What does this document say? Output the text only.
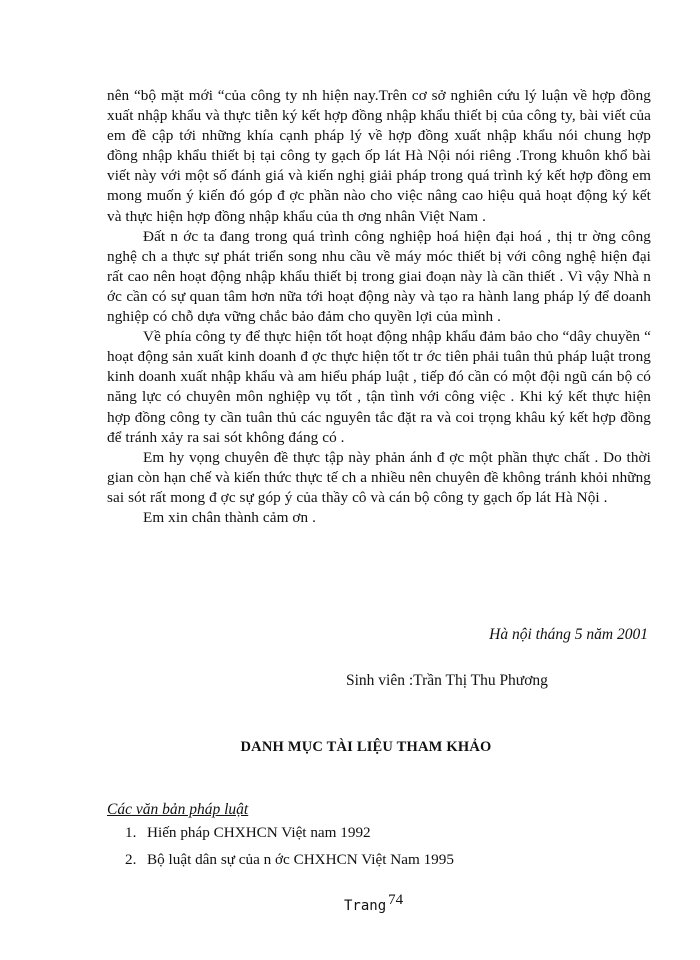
nên “bộ mặt mới “của công ty nh hiện nay.Trên cơ sở nghiên cứu lý luận về hợp đồng xuất nhập khẩu và thực tiễn ký kết hợp đồng nhập khẩu thiết bị của công ty, bài viết của em đề cập tới những khía cạnh pháp lý về hợp đồng xuất nhập khẩu nói chung hợp đồng nhập khẩu thiết bị tại công ty gạch ốp lát Hà Nội nói riêng .Trong khuôn khổ bài viết này với một số đánh giá và kiến nghị giải pháp trong quá trình ký kết hợp đồng em mong muốn ý kiến đó góp đ ợc phần nào cho việc nâng cao hiệu quả hoạt động ký kết và thực hiện hợp đồng nhập khẩu của th ơng nhân Việt Nam .

Đất n ớc ta đang trong quá trình công nghiệp hoá hiện đại hoá , thị tr ờng công nghệ ch a thực sự phát triển song nhu cầu về máy móc thiết bị với công nghệ hiện đại rất cao nên hoạt động nhập khẩu thiết bị trong giai đoạn này là cần thiết . Vì vậy Nhà n ớc cần có sự quan tâm hơn nữa tới hoạt động này và tạo ra hành lang pháp lý để doanh nghiệp có chỗ dựa vững chắc bảo đảm cho quyền lợi của mình .

Về phía công ty để thực hiện tốt hoạt động nhập khẩu đảm bảo cho “dây chuyền “ hoạt động sản xuất kinh doanh đ ợc thực hiện tốt tr ớc tiên phải tuân thủ pháp luật trong kinh doanh xuất nhập khẩu và am hiểu pháp luật , tiếp đó cần có một đội ngũ cán bộ có năng lực có chuyên môn nghiệp vụ tốt , tận tình với công việc . Khi ký kết thực hiện hợp đồng công ty cần tuân thủ các nguyên tắc đặt ra và coi trọng khâu ký kết hợp đồng để tránh xảy ra sai sót không đáng có .

Em hy vọng chuyên đề thực tập này phản ánh đ ợc một phần thực chất . Do thời gian còn hạn chế và kiến thức thực tế ch a nhiều nên chuyên đề không tránh khỏi những sai sót rất mong đ ợc sự góp ý của thầy cô và cán bộ công ty gạch ốp lát Hà Nội .

Em xin chân thành cảm ơn .

Hà nội tháng 5 năm 2001
Sinh viên :Trần Thị Thu Phương
DANH MỤC TÀI LIỆU THAM KHẢO
Các văn bản pháp luật
1. Hiến pháp CHXHCN Việt nam 1992
2. Bộ luật dân sự của n ớc CHXHCN Việt Nam 1995
Trang 74
